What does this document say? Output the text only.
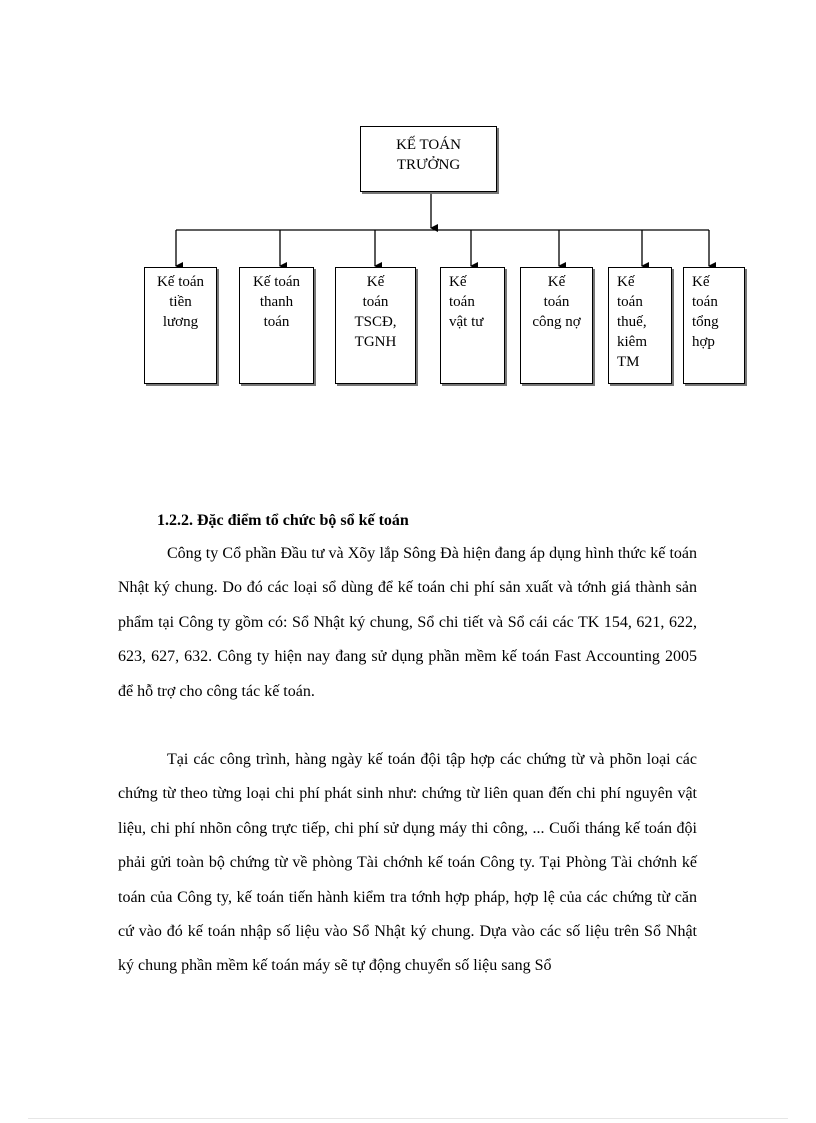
KẾ TOÁN
TRƯỞNG
Kế toán
tiền
lương
Kế toán
thanh
toán
Kế
toán
TSCĐ,
TGNH
Kế
toán
vật tư
Kế
toán
công nợ
Kế
toán
thuế,
kiêm
TM
Kế
toán
tổng
hợp
1.2.2. Đặc điểm tổ chức bộ sổ kế toán

Công ty Cổ phần Đầu tư và Xõy lắp Sông Đà hiện đang áp dụng hình thức kế toán Nhật ký chung. Do đó các loại sổ dùng để kế toán chi phí sản xuất và tớnh giá thành sản phẩm tại Công ty gồm có: Sổ Nhật ký chung, Sổ chi tiết và Sổ cái các TK 154, 621, 622, 623, 627, 632. Công ty hiện nay đang sử dụng phần mềm kế toán Fast Accounting 2005 để hỗ trợ cho công tác kế toán.

Tại các công trình, hàng ngày kế toán đội tập hợp các chứng từ và phõn loại các chứng từ theo từng loại chi phí phát sinh như: chứng từ liên quan đến chi phí nguyên vật liệu, chi phí nhõn công trực tiếp, chi phí sử dụng máy thi công, ... Cuối tháng kế toán đội phải gửi toàn bộ chứng từ về phòng Tài chớnh kế toán Công ty. Tại Phòng Tài chớnh kế toán của Công ty, kế toán tiến hành kiểm tra tớnh hợp pháp, hợp lệ của các chứng từ căn cứ vào đó kế toán nhập số liệu vào Sổ Nhật ký chung. Dựa vào các số liệu trên Sổ Nhật ký chung phần mềm kế toán máy sẽ tự động chuyển số liệu sang Sổ
